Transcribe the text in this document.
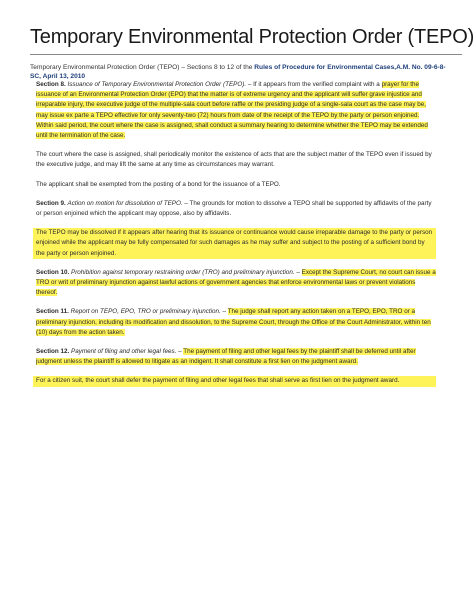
Temporary Environmental Protection Order (TEPO)
Temporary Environmental Protection Order (TEPO) – Sections 8 to 12 of the Rules of Procedure for Environmental Cases,A.M. No. 09-6-8-SC, April 13, 2010

Section 8. Issuance of Temporary Environmental Protection Order (TEPO). – If it appears from the verified complaint with a prayer for the issuance of an Environmental Protection Order (EPO) that the matter is of extreme urgency and the applicant will suffer grave injustice and irreparable injury, the executive judge of the multiple-sala court before raffle or the presiding judge of a single-sala court as the case may be, may issue ex parte a TEPO effective for only seventy-two (72) hours from date of the receipt of the TEPO by the party or person enjoined. Within said period, the court where the case is assigned, shall conduct a summary hearing to determine whether the TEPO may be extended until the termination of the case.

The court where the case is assigned, shall periodically monitor the existence of acts that are the subject matter of the TEPO even if issued by the executive judge, and may lift the same at any time as circumstances may warrant.

The applicant shall be exempted from the posting of a bond for the issuance of a TEPO.

Section 9. Action on motion for dissolution of TEPO. – The grounds for motion to dissolve a TEPO shall be supported by affidavits of the party or person enjoined which the applicant may oppose, also by affidavits.

The TEPO may be dissolved if it appears after hearing that its issuance or continuance would cause irreparable damage to the party or person enjoined while the applicant may be fully compensated for such damages as he may suffer and subject to the posting of a sufficient bond by the party or person enjoined.

Section 10. Prohibition against temporary restraining order (TRO) and preliminary injunction. – Except the Supreme Court, no court can issue a TRO or writ of preliminary injunction against lawful actions of government agencies that enforce environmental laws or prevent violations thereof.

Section 11. Report on TEPO, EPO, TRO or preliminary injunction. – The judge shall report any action taken on a TEPO, EPO, TRO or a preliminary injunction, including its modification and dissolution, to the Supreme Court, through the Office of the Court Administrator, within ten (10) days from the action taken.

Section 12. Payment of filing and other legal fees. – The payment of filing and other legal fees by the plaintiff shall be deferred until after judgment unless the plaintiff is allowed to litigate as an indigent. It shall constitute a first lien on the judgment award.

For a citizen suit, the court shall defer the payment of filing and other legal fees that shall serve as first lien on the judgment award.
